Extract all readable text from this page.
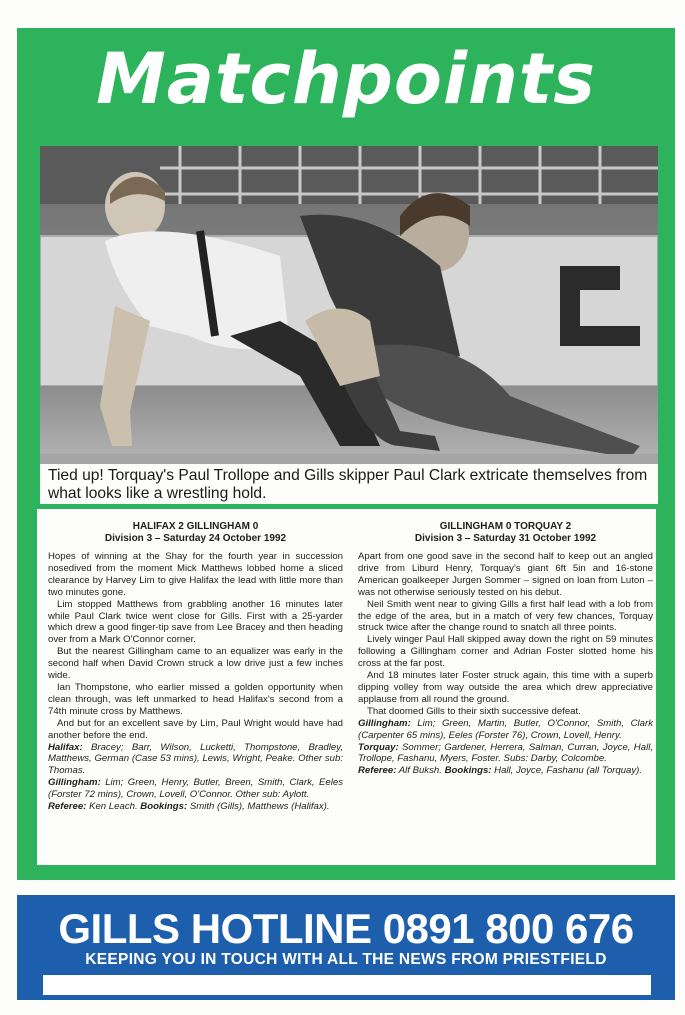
Matchpoints
Tied up! Torquay's Paul Trollope and Gills skipper Paul Clark extricate themselves from what looks like a wrestling hold.
HALIFAX 2 GILLINGHAM 0
Division 3 – Saturday 24 October 1992

Hopes of winning at the Shay for the fourth year in succession nosedived from the moment Mick Matthews lobbed home a sliced clearance by Harvey Lim to give Halifax the lead with little more than two minutes gone.

Lim stopped Matthews from grabbling another 16 minutes later while Paul Clark twice went close for Gills. First with a 25-yarder which drew a good finger-tip save from Lee Bracey and then heading over from a Mark O'Connor corner.

But the nearest Gillingham came to an equalizer was early in the second half when David Crown struck a low drive just a few inches wide.

Ian Thompstone, who earlier missed a golden opportunity when clean through, was left unmarked to head Halifax's second from a 74th minute cross by Matthews.

And but for an excellent save by Lim, Paul Wright would have had another before the end.

Halifax: Bracey; Barr, Wilson, Lucketti, Thompstone, Bradley, Matthews, German (Case 53 mins), Lewis, Wright, Peake. Other sub: Thomas.

Gillingham: Lim; Green, Henry, Butler, Breen, Smith, Clark, Eeles (Forster 72 mins), Crown, Lovell, O'Connor. Other sub: Aylott.

Referee: Ken Leach. Bookings: Smith (Gills), Matthews (Halifax).

GILLINGHAM 0 TORQUAY 2
Division 3 – Saturday 31 October 1992

Apart from one good save in the second half to keep out an angled drive from Liburd Henry, Torquay's giant 6ft 5in and 16-stone American goalkeeper Jurgen Sommer – signed on loan from Luton – was not otherwise seriously tested on his debut.

Neil Smith went near to giving Gills a first half lead with a lob from the edge of the area, but in a match of very few chances, Torquay struck twice after the change round to snatch all three points.

Lively winger Paul Hall skipped away down the right on 59 minutes following a Gillingham corner and Adrian Foster slotted home his cross at the far post.

And 18 minutes later Foster struck again, this time with a superb dipping volley from way outside the area which drew appreciative applause from all round the ground.

That doomed Gills to their sixth successive defeat.

Gillingham: Lim; Green, Martin, Butler, O'Connor, Smith, Clark (Carpenter 65 mins), Eeles (Forster 76), Crown, Lovell, Henry.

Torquay: Sommer; Gardener, Herrera, Salman, Curran, Joyce, Hall, Trollope, Fashanu, Myers, Foster. Subs: Darby, Colcombe.

Referee: Alf Buksh. Bookings: Hall, Joyce, Fashanu (all Torquay).

GILLS HOTLINE 0891 800 676
KEEPING YOU IN TOUCH WITH ALL THE NEWS FROM PRIESTFIELD
